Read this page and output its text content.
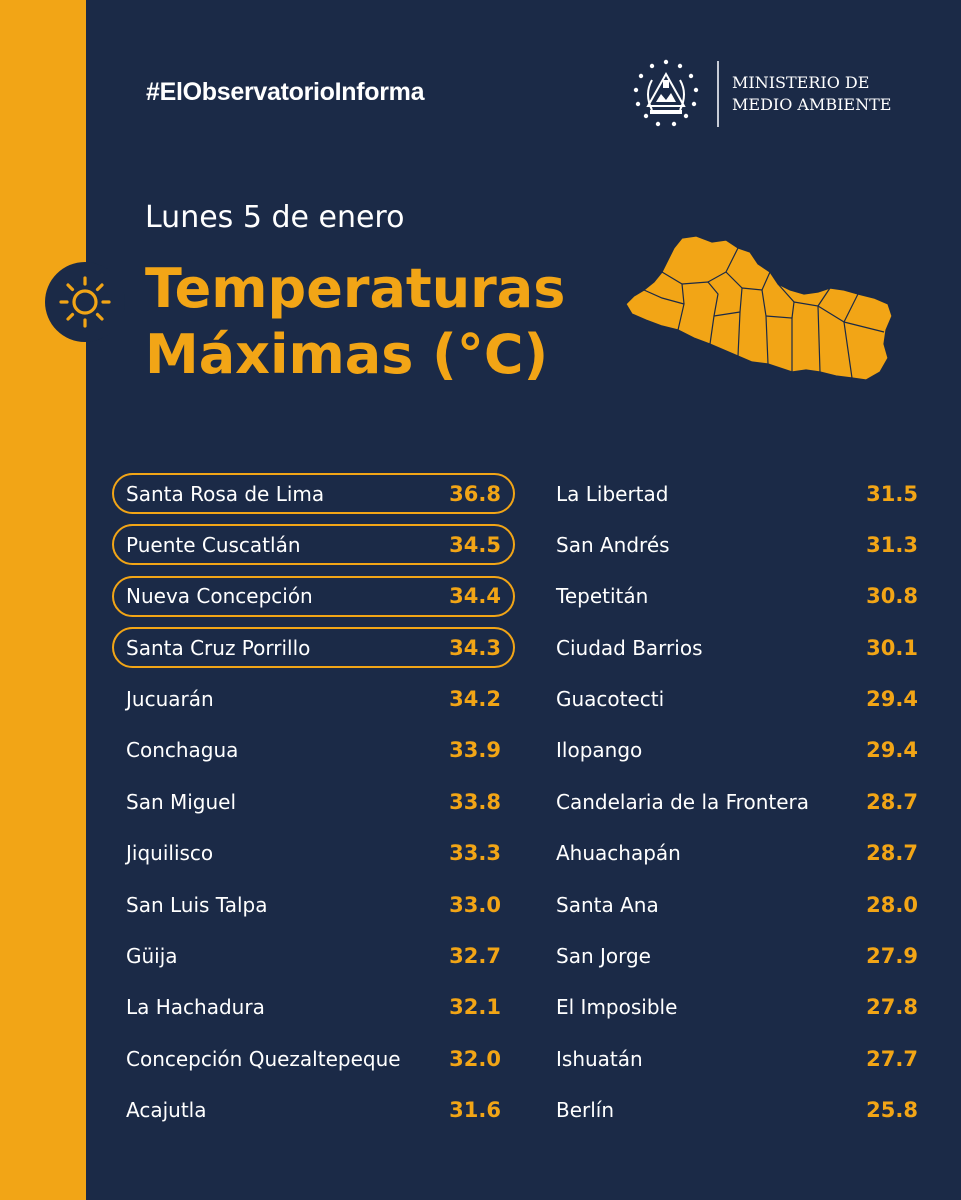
#ElObservatorioInforma	MINISTERIO DE
MEDIO AMBIENTE
Lunes 5 de enero
Temperaturas
Máximas (°C)
Santa Rosa de Lima	36.8
Puente Cuscatlán	34.5
Nueva Concepción	34.4
Santa Cruz Porrillo	34.3
Jucuarán	34.2
Conchagua	33.9
San Miguel	33.8
Jiquilisco	33.3
San Luis Talpa	33.0
Güija	32.7
La Hachadura	32.1
Concepción Quezaltepeque 32.0
Acajutla	31.6
La Libertad	31.5
San Andrés	31.3
Tepetitán	30.8
Ciudad Barrios	30.1
Guacotecti	29.4
Ilopango	29.4
Candelaria de la Frontera	28.7
Ahuachapán	28.7
Santa Ana	28.0
San Jorge	27.9
El Imposible	27.8
Ishuatán	27.7
Berlín	25.8
